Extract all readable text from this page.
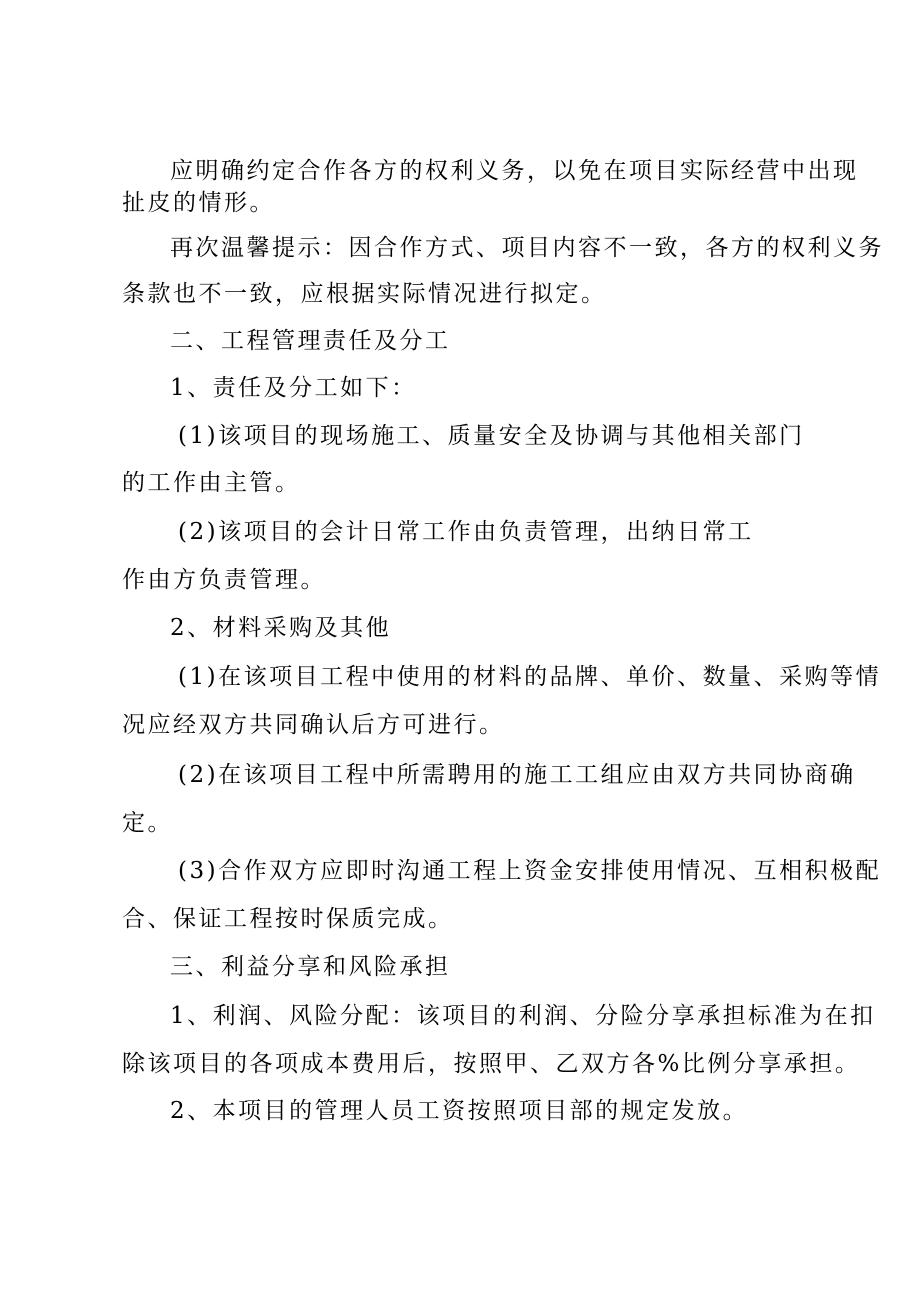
应明确约定合作各方的权利义务，以免在项目实际经营中出现

扯皮的情形。

再次温馨提示：因合作方式、项目内容不一致，各方的权利义务

条款也不一致，应根据实际情况进行拟定。

二、工程管理责任及分工

1、责任及分工如下：

(1)该项目的现场施工、质量安全及协调与其他相关部门

的工作由主管。

(2)该项目的会计日常工作由负责管理，出纳日常工

作由方负责管理。

2、材料采购及其他

(1)在该项目工程中使用的材料的品牌、单价、数量、采购等情

况应经双方共同确认后方可进行。

(2)在该项目工程中所需聘用的施工工组应由双方共同协商确

定。

(3)合作双方应即时沟通工程上资金安排使用情况、互相积极配

合、保证工程按时保质完成。

三、利益分享和风险承担

1、利润、风险分配：该项目的利润、分险分享承担标准为在扣

除该项目的各项成本费用后，按照甲、乙双方各%比例分享承担。

2、本项目的管理人员工资按照项目部的规定发放。
